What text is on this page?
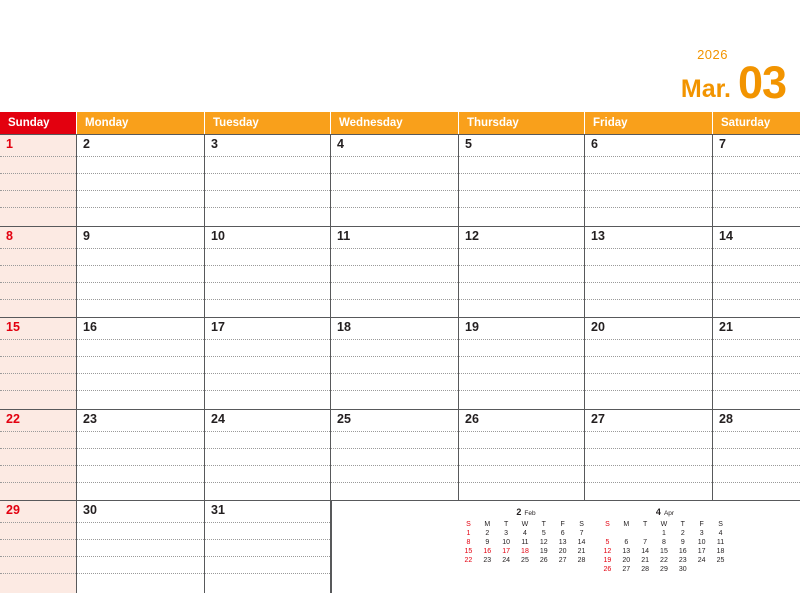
2026
Mar. 03
Sunday	Monday	Tuesday	Wednesday	Thursday	Friday	Saturday
1	2	3	4	5	6	7
8	9	10	11	12	13	14
15	16	17	18	19	20	21
22	23	24	25	26	27	28
29	30	31	2 Feb
S	M	T	W	T	F	S
1	2	3	4	5	6	7
8	9	10	11	12	13	14
15	16	17	18	19	20	21
22	23	24	25	26	27	28
4 Apr
S	M	T	W	T	F	S
			1	2	3	4
5	6	7	8	9	10	11
12	13	14	15	16	17	18
19	20	21	22	23	24	25
26	27	28	29	30		
